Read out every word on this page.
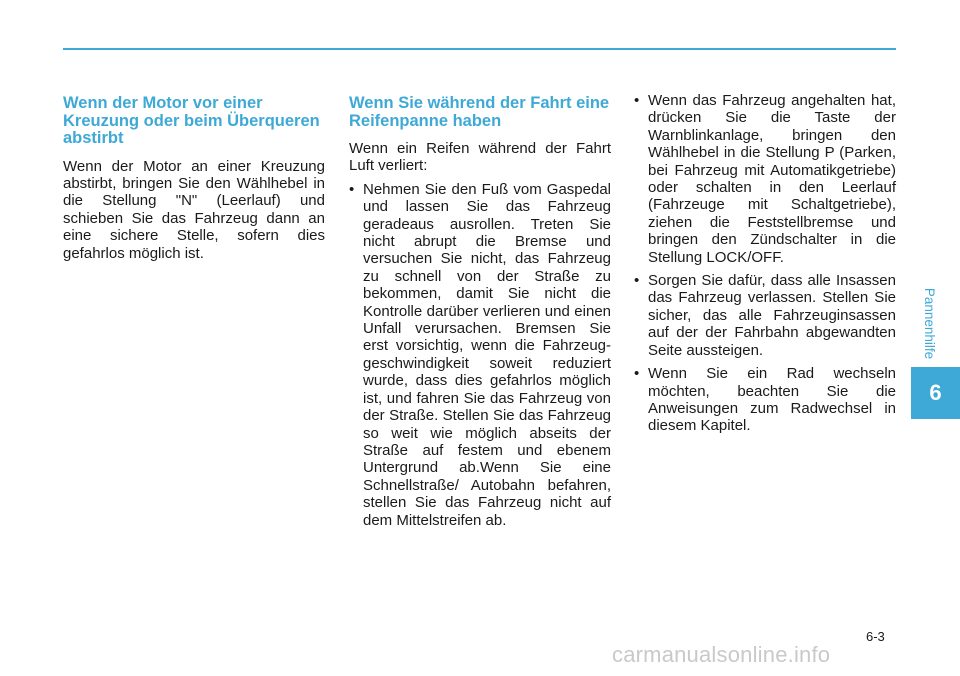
Wenn der Motor vor einer Kreuzung oder beim Überqueren abstirbt

Wenn der Motor an einer Kreuzung abstirbt, bringen Sie den Wählhebel in die Stellung "N" (Leerlauf) und schieben Sie das Fahrzeug dann an eine sichere Stelle, sofern dies gefahrlos möglich ist.

Wenn Sie während der Fahrt eine Reifenpanne haben

Wenn ein Reifen während der Fahrt Luft verliert:

• Nehmen Sie den Fuß vom Gaspedal und lassen Sie das Fahrzeug geradeaus ausrollen. Treten Sie nicht abrupt die Bremse und versuchen Sie nicht, das Fahrzeug zu schnell von der Straße zu bekommen, damit Sie nicht die Kontrolle darüber verlieren und einen Unfall verursachen. Bremsen Sie erst vorsichtig, wenn die Fahrzeug-geschwindigkeit soweit reduziert wurde, dass dies gefahrlos möglich ist, und fahren Sie das Fahrzeug von der Straße. Stellen Sie das Fahrzeug so weit wie möglich abseits der Straße auf festem und ebenem Untergrund ab.Wenn Sie eine Schnellstraße/ Autobahn befahren, stellen Sie das Fahrzeug nicht auf dem Mittelstreifen ab.
• Wenn das Fahrzeug angehalten hat, drücken Sie die Taste der Warnblinkanlage, bringen den Wählhebel in die Stellung P (Parken, bei Fahrzeug mit Automatikgetriebe) oder schalten in den Leerlauf (Fahrzeuge mit Schaltgetriebe), ziehen die Feststellbremse und bringen den Zündschalter in die Stellung LOCK/OFF.
• Sorgen Sie dafür, dass alle Insassen das Fahrzeug verlassen. Stellen Sie sicher, das alle Fahrzeuginsassen auf der der Fahrbahn abgewandten Seite aussteigen.
• Wenn Sie ein Rad wechseln möchten, beachten Sie die Anweisungen zum Radwechsel in diesem Kapitel.
Pannenhilfe
6
6-3
carmanualsonline.info
